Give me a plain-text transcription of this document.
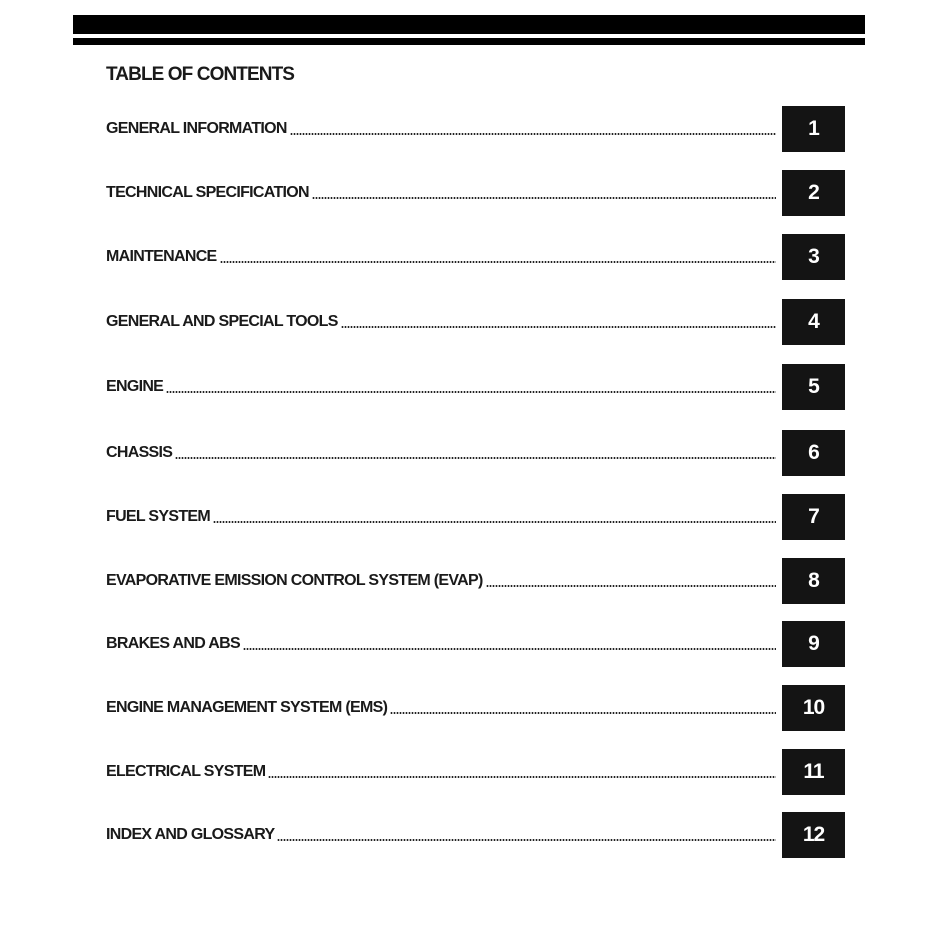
TABLE OF CONTENTS
GENERAL INFORMATION	1
TECHNICAL SPECIFICATION	2
MAINTENANCE	3
GENERAL AND SPECIAL TOOLS	4
ENGINE	5
CHASSIS	6
FUEL SYSTEM	7
EVAPORATIVE EMISSION CONTROL SYSTEM (EVAP)	8
BRAKES AND ABS	9
ENGINE MANAGEMENT SYSTEM (EMS)	10
ELECTRICAL SYSTEM	11
INDEX AND GLOSSARY	12
